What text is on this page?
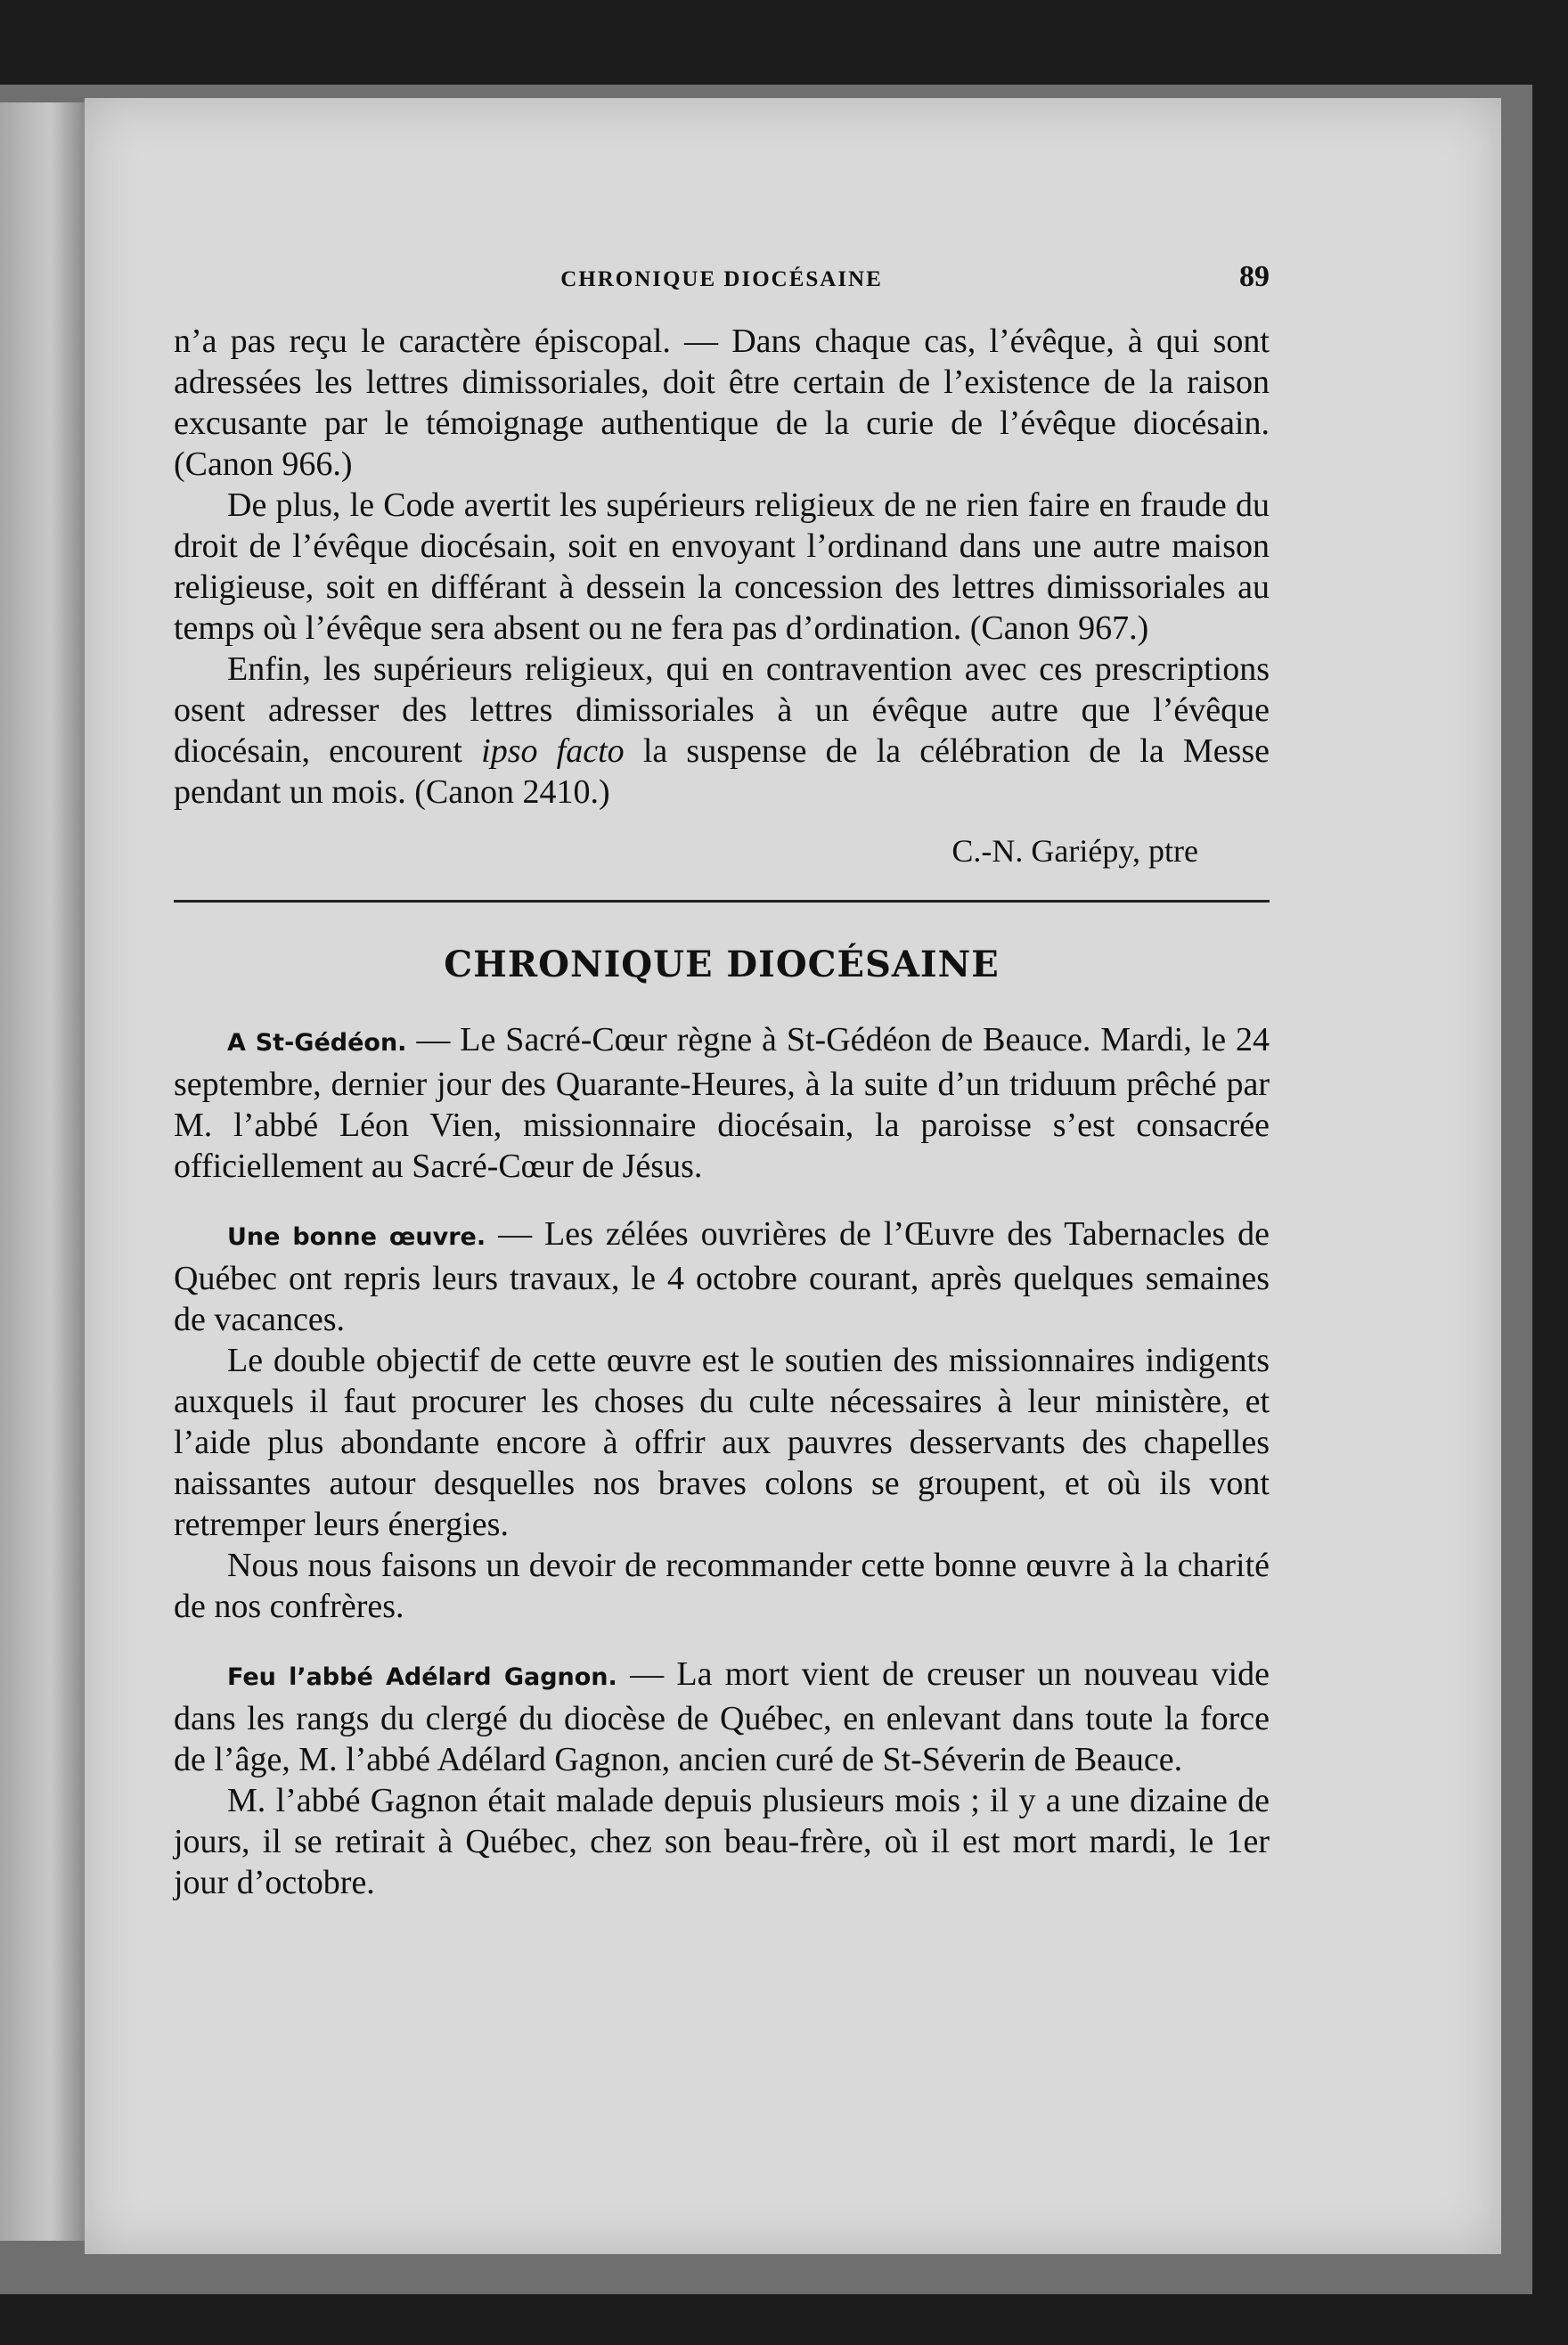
CHRONIQUE DIOCÉSAINE	89

n’a pas reçu le caractère épiscopal. — Dans chaque cas, l’évêque, à qui sont adressées les lettres dimissoriales, doit être certain de l’existence de la raison excusante par le témoignage authentique de la curie de l’évêque diocésain. (Canon 966.)

De plus, le Code avertit les supérieurs religieux de ne rien faire en fraude du droit de l’évêque diocésain, soit en envoyant l’ordinand dans une autre maison religieuse, soit en différant à dessein la concession des lettres dimissoriales au temps où l’évêque sera absent ou ne fera pas d’ordination. (Canon 967.)

Enfin, les supérieurs religieux, qui en contravention avec ces prescriptions osent adresser des lettres dimissoriales à un évêque autre que l’évêque diocésain, encourent ipso facto la suspense de la célébration de la Messe pendant un mois. (Canon 2410.)

C.-N. Gariépy, ptre
CHRONIQUE DIOCÉSAINE

A St-Gédéon. — Le Sacré-Cœur règne à St-Gédéon de Beauce. Mardi, le 24 septembre, dernier jour des Quarante-Heures, à la suite d’un triduum prêché par M. l’abbé Léon Vien, missionnaire diocésain, la paroisse s’est consacrée officiellement au Sacré-Cœur de Jésus.

Une bonne œuvre. — Les zélées ouvrières de l’Œuvre des Tabernacles de Québec ont repris leurs travaux, le 4 octobre courant, après quelques semaines de vacances.

Le double objectif de cette œuvre est le soutien des missionnaires indigents auxquels il faut procurer les choses du culte nécessaires à leur ministère, et l’aide plus abondante encore à offrir aux pauvres desservants des chapelles naissantes autour desquelles nos braves colons se groupent, et où ils vont retremper leurs énergies.

Nous nous faisons un devoir de recommander cette bonne œuvre à la charité de nos confrères.

Feu l’abbé Adélard Gagnon. — La mort vient de creuser un nouveau vide dans les rangs du clergé du diocèse de Québec, en enlevant dans toute la force de l’âge, M. l’abbé Adélard Gagnon, ancien curé de St-Séverin de Beauce.

M. l’abbé Gagnon était malade depuis plusieurs mois ; il y a une dizaine de jours, il se retirait à Québec, chez son beau-frère, où il est mort mardi, le 1er jour d’octobre.
